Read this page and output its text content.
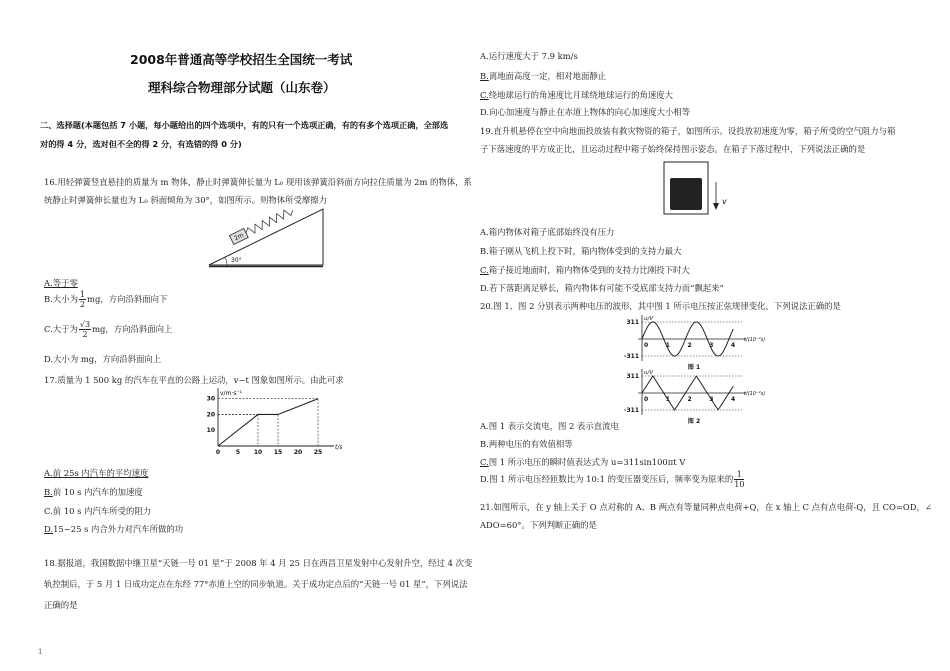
2008年普通高等学校招生全国统一考试
理科综合物理部分试题（山东卷）
二、选择题(本题包括 7 小题，每小题给出的四个选项中，有的只有一个选项正确，有的有多个选项正确，全部选
对的得 4 分，选对但不全的得 2 分，有选错的得 0 分)
16.用轻弹簧竖直悬挂的质量为 m 物体，静止时弹簧伸长量为 L₀ 现用该弹簧沿斜面方向拉住质量为 2m 的物体，系
统静止时弹簧伸长量也为 L₀ 斜面倾角为 30°，如图所示。则物体所受摩擦力
2m
30°
A.等于零
B.大小为 $\frac{1}{2}$ mg，方向沿斜面向下
C.大于为 $\frac{√3}{2}$ mg，方向沿斜面向上
D.大小为 mg，方向沿斜面向上
17.质量为 1 500 kg 的汽车在平直的公路上运动，v−t 图象如图所示。由此可求
v/m·s⁻¹
t/s
0	5 10 15 20 25
10
20
30
A.前 25s 内汽车的平均速度
B.前 10 s 内汽车的加速度
C.前 10 s 内汽车所受的阻力
D.15~25 s 内合外力对汽车所做的功
18.据报道，我国数据中继卫星“天链一号 01 星”于 2008 年 4 月 25 日在西昌卫星发射中心发射升空，经过 4 次变
轨控制后，于 5 月 1 日成功定点在东经 77°赤道上空的同步轨道。关于成功定点后的“天链一号 01 星”，下列说法
正确的是
A.运行速度大于 7.9 km/s
B.离地面高度一定，相对地面静止
C.绕地球运行的角速度比月球绕地球运行的角速度大
D.向心加速度与静止在赤道上物体的向心加速度大小相等
19.直升机悬停在空中向地面投放装有救灾物资的箱子，如图所示。设投放初速度为零，箱子所受的空气阻力与箱
子下落速度的平方成正比，且运动过程中箱子始终保持图示姿态。在箱子下落过程中，下列说法正确的是
v
A.箱内物体对箱子底部始终没有压力
B.箱子刚从飞机上投下时，箱内物体受到的支持力最大
C.箱子接近地面时，箱内物体受到的支持力比刚投下时大
D.若下落距离足够长，箱内物体有可能不受底部支持力而“飘起来”
20.图 1、图 2 分别表示两种电压的波形，其中图 1 所示电压按正弦规律变化，下列说法正确的是
u/V
t/(10⁻²s)
311
-311
0	1	2	3	4
图 1
u/V
t/(10⁻²s)
311
-311
0	1	2	3	4
图 2
A.图 1 表示交流电，图 2 表示直流电
B.两种电压的有效值相等
C.图 1 所示电压的瞬时值表达式为 u=311sin100πt V
D.图 1 所示电压经匝数比为 10:1 的变压器变压后，频率变为原来的 $\frac{1}{10}$
21.如图所示，在 y 轴上关于 O 点对称的 A、B 两点有等量同种点电荷+Q，在 x 轴上 C 点有点电荷-Q，且 CO=OD，∠
ADO=60°。下列判断正确的是
1
